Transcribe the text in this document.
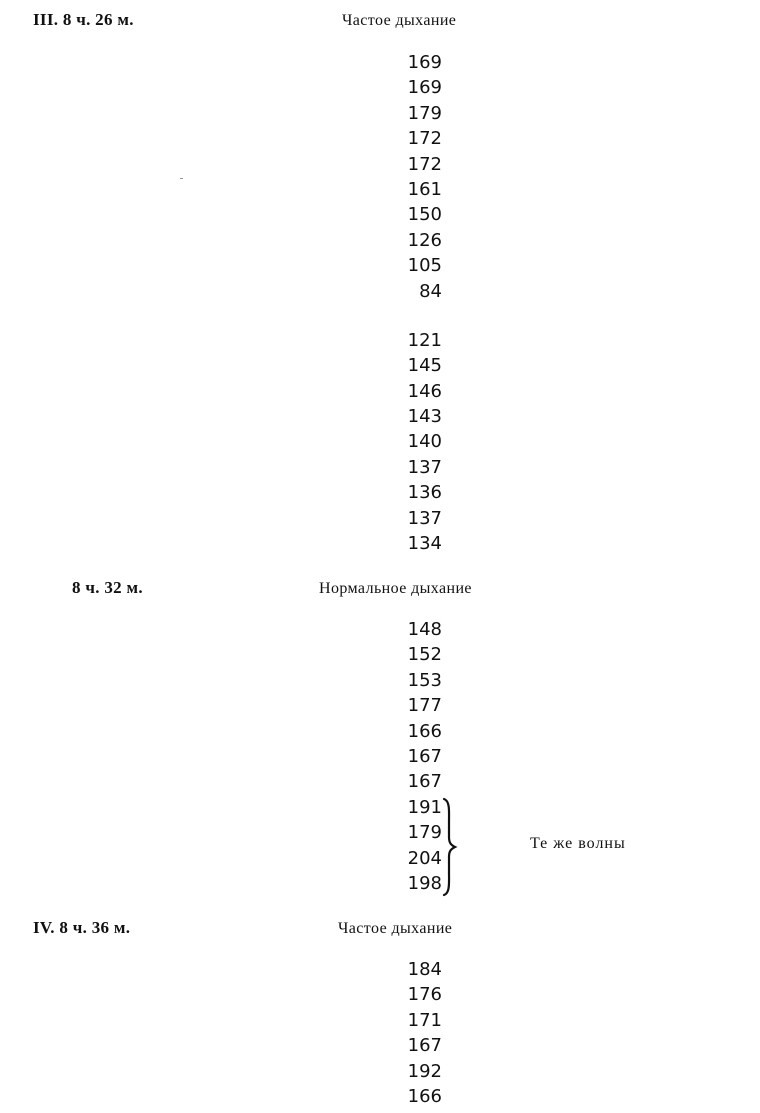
III. 8 ч. 26 м.	Частое дыхание
169
169
179
172
172
161
150
126
105
84
121
145
146
143
140
137
136
137
134
8 ч. 32 м.	Нормальное дыхание
148
152
153
177
166
167
167
191
179
204
198
Те же волны
IV. 8 ч. 36 м.	Частое дыхание
184
176
171
167
192
166
